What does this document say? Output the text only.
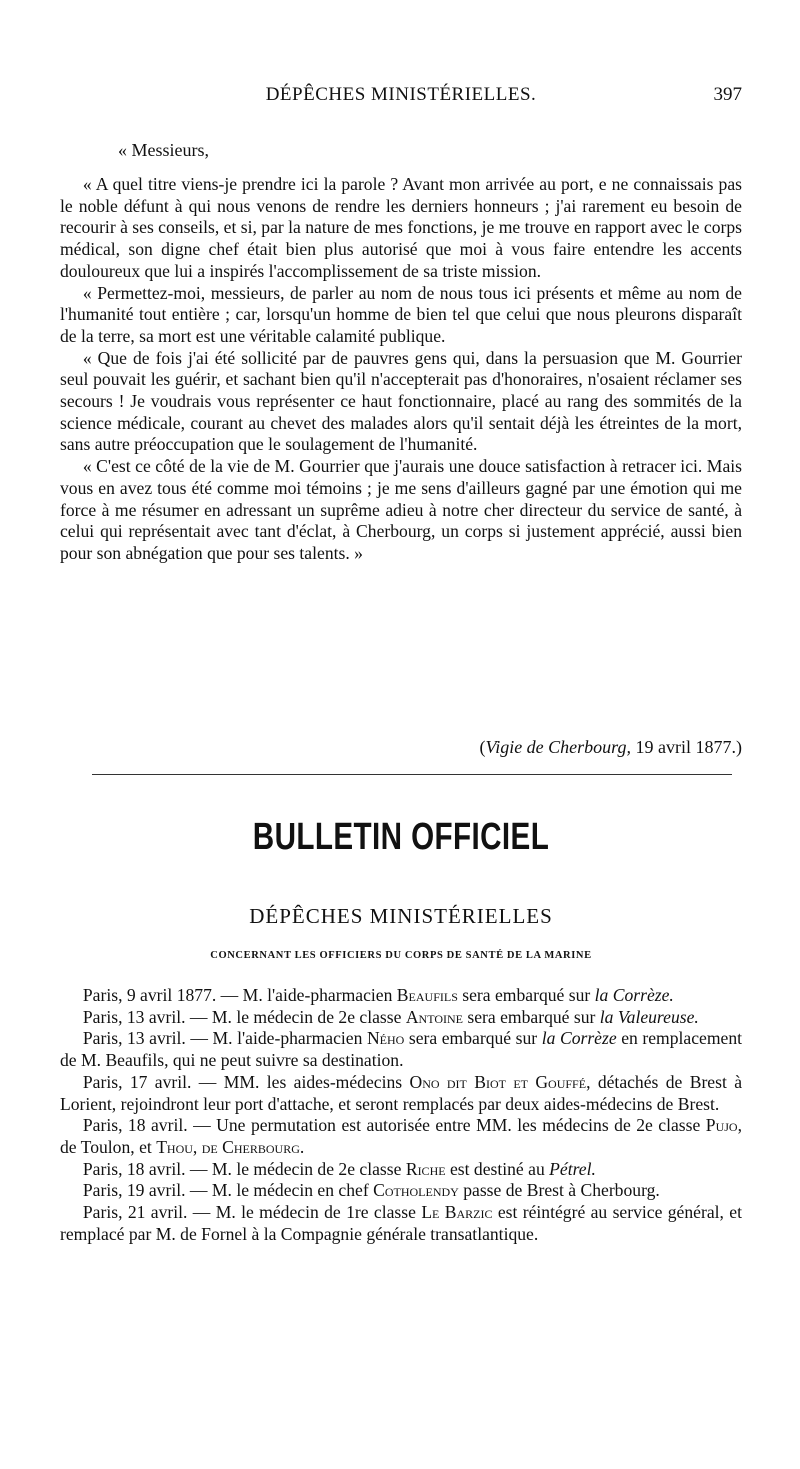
DÉPÊCHES MINISTÉRIELLES.	397
« Messieurs,

« A quel titre viens-je prendre ici la parole ? Avant mon arrivée au port, e ne connaissais pas le noble défunt à qui nous venons de rendre les derniers honneurs ; j'ai rarement eu besoin de recourir à ses conseils, et si, par la nature de mes fonctions, je me trouve en rapport avec le corps médical, son digne chef était bien plus autorisé que moi à vous faire entendre les accents douloureux que lui a inspirés l'accomplissement de sa triste mission.

« Permettez-moi, messieurs, de parler au nom de nous tous ici présents et même au nom de l'humanité tout entière ; car, lorsqu'un homme de bien tel que celui que nous pleurons disparaît de la terre, sa mort est une véritable calamité publique.

« Que de fois j'ai été sollicité par de pauvres gens qui, dans la persuasion que M. Gourrier seul pouvait les guérir, et sachant bien qu'il n'accepterait pas d'honoraires, n'osaient réclamer ses secours ! Je voudrais vous représenter ce haut fonctionnaire, placé au rang des sommités de la science médicale, courant au chevet des malades alors qu'il sentait déjà les étreintes de la mort, sans autre préoccupation que le soulagement de l'humanité.

« C'est ce côté de la vie de M. Gourrier que j'aurais une douce satisfaction à retracer ici. Mais vous en avez tous été comme moi témoins ; je me sens d'ailleurs gagné par une émotion qui me force à me résumer en adressant un suprême adieu à notre cher directeur du service de santé, à celui qui représentait avec tant d'éclat, à Cherbourg, un corps si justement apprécié, aussi bien pour son abnégation que pour ses talents. »

(Vigie de Cherbourg, 19 avril 1877.)
BULLETIN OFFICIEL
DÉPÊCHES MINISTÉRIELLES
CONCERNANT LES OFFICIERS DU CORPS DE SANTÉ DE LA MARINE

Paris, 9 avril 1877. — M. l'aide-pharmacien Beaufils sera embarqué sur la Corrèze.

Paris, 13 avril. — M. le médecin de 2e classe Antoine sera embarqué sur la Valeureuse.

Paris, 13 avril. — M. l'aide-pharmacien Ného sera embarqué sur la Corrèze en remplacement de M. Beaufils, qui ne peut suivre sa destination.

Paris, 17 avril. — MM. les aides-médecins Ono dit Biot et Gouffé, détachés de Brest à Lorient, rejoindront leur port d'attache, et seront remplacés par deux aides-médecins de Brest.

Paris, 18 avril. — Une permutation est autorisée entre MM. les médecins de 2e classe Pujo, de Toulon, et Thou, de Cherbourg.

Paris, 18 avril. — M. le médecin de 2e classe Riche est destiné au Pétrel.

Paris, 19 avril. — M. le médecin en chef Cotholendy passe de Brest à Cherbourg.

Paris, 21 avril. — M. le médecin de 1re classe Le Barzic est réintégré au service général, et remplacé par M. de Fornel à la Compagnie générale transatlantique.
